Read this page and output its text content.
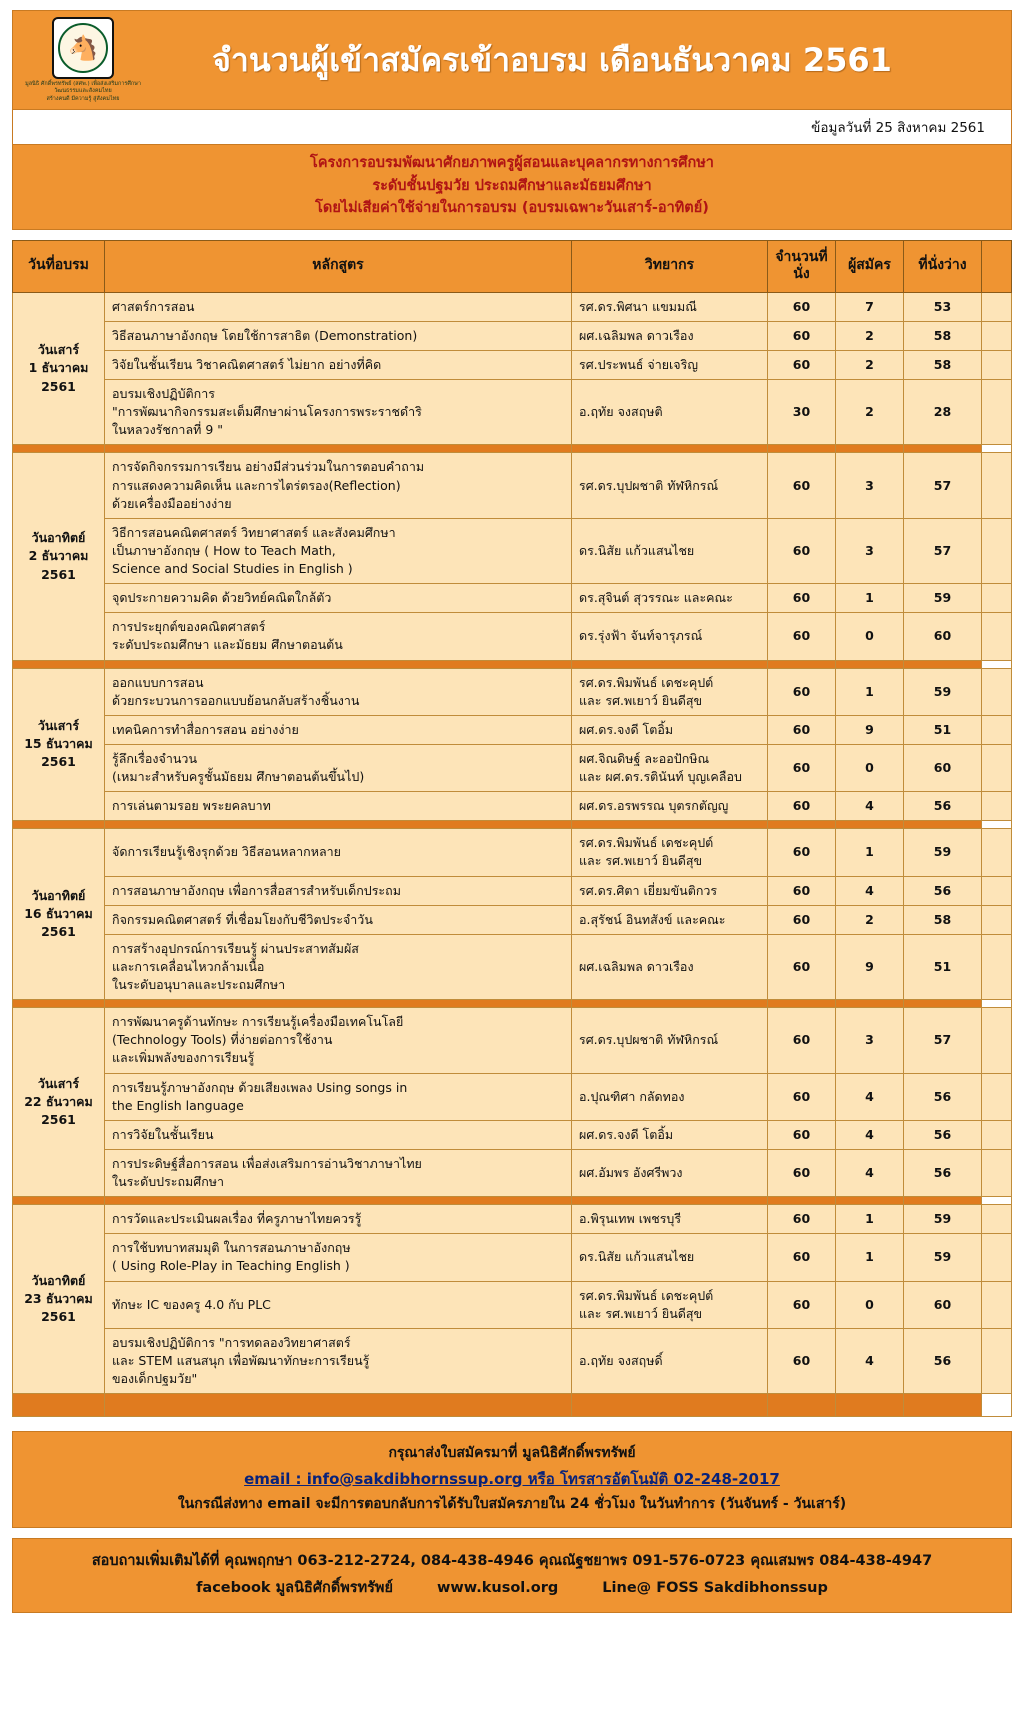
🐴
มูลนิธิ ศักดิ์พรทรัพย์ (สศพ.) เพื่อส่งเสริมการศึกษา
วัฒนธรรมและสังคมไทย
สร้างคนดี มีความรู้ สู่สังคมไทย
จำนวนผู้เข้าสมัครเข้าอบรม เดือนธันวาคม 2561
ข้อมูลวันที่ 25 สิงหาคม 2561
โครงการอบรมพัฒนาศักยภาพครูผู้สอนและบุคลากรทางการศึกษา
ระดับชั้นปฐมวัย ประถมศึกษาและมัธยมศึกษา
โดยไม่เสียค่าใช้จ่ายในการอบรม (อบรมเฉพาะวันเสาร์-อาทิตย์)
วันที่อบรม	หลักสูตร	วิทยากร	จำนวนที่นั่ง	ผู้สมัคร	ที่นั่งว่าง	
วันเสาร์
1 ธันวาคม
2561	ศาสตร์การสอน	รศ.ดร.พิศนา แขมมณี	60	7	53	
	วิธีสอนภาษาอังกฤษ โดยใช้การสาธิต (Demonstration)	ผศ.เฉลิมพล ดาวเรือง	60	2	58	
	วิจัยในชั้นเรียน วิชาคณิตศาสตร์ ไม่ยาก อย่างที่คิด	รศ.ประพนธ์ จ่ายเจริญ	60	2	58	
	อบรมเชิงปฏิบัติการ
"การพัฒนากิจกรรมสะเต็มศึกษาผ่านโครงการพระราชดำริ
ในหลวงรัชกาลที่ 9 "	อ.ฤทัย จงสฤษติ	30	2	28	

วันอาทิตย์
2 ธันวาคม
2561	การจัดกิจกรรมการเรียน อย่างมีส่วนร่วมในการตอบคำถาม
การแสดงความคิดเห็น และการไตร่ตรอง(Reflection)
ด้วยเครื่องมืออย่างง่าย	รศ.ดร.บุปผชาติ ทัฬหิกรณ์	60	3	57	
	วิธีการสอนคณิตศาสตร์ วิทยาศาสตร์ และสังคมศึกษา
เป็นภาษาอังกฤษ ( How to Teach Math,
Science and Social Studies in English )	ดร.นิสัย แก้วแสนไชย	60	3	57	
	จุดประกายความคิด ด้วยวิทย์คณิตใกล้ตัว	ดร.สุจินต์ สุวรรณะ และคณะ	60	1	59	
	การประยุกต์ของคณิตศาสตร์
ระดับประถมศึกษา และมัธยม ศึกษาตอนต้น	ดร.รุ่งฟ้า จันท์จารุภรณ์	60	0	60	

วันเสาร์
15 ธันวาคม
2561	ออกแบบการสอน
ด้วยกระบวนการออกแบบย้อนกลับสร้างชิ้นงาน	รศ.ดร.พิมพันธ์ เดชะคุปต์
และ รศ.พเยาว์ ยินดีสุข	60	1	59	
	เทคนิคการทำสื่อการสอน อย่างง่าย	ผศ.ดร.จงดี โตอิ้ม	60	9	51	
	รู้ลึกเรื่องจำนวน
(เหมาะสำหรับครูชั้นมัธยม ศึกษาตอนต้นขึ้นไป)	ผศ.จิณดิษฐ์ ละออปักษิณ
และ ผศ.ดร.รตินันท์ บุญเคลือบ	60	0	60	
	การเล่นตามรอย พระยคลบาท	ผศ.ดร.อรพรรณ บุตรกตัญญู	60	4	56	

วันอาทิตย์
16 ธันวาคม
2561	จัดการเรียนรู้เชิงรุกด้วย วิธีสอนหลากหลาย	รศ.ดร.พิมพันธ์ เดชะคุปต์
และ รศ.พเยาว์ ยินดีสุข	60	1	59	
	การสอนภาษาอังกฤษ เพื่อการสื่อสารสำหรับเด็กประถม	รศ.ดร.ศิตา เยี่ยมขันติกวร	60	4	56	
	กิจกรรมคณิตศาสตร์ ที่เชื่อมโยงกับชีวิตประจำวัน	อ.สุรัชน์ อินทสังข์ และคณะ	60	2	58	
	การสร้างอุปกรณ์การเรียนรู้ ผ่านประสาทสัมผัส
และการเคลื่อนไหวกล้ามเนื้อ
ในระดับอนุบาลและประถมศึกษา	ผศ.เฉลิมพล ดาวเรือง	60	9	51	

วันเสาร์
22 ธันวาคม
2561	การพัฒนาครูด้านทักษะ การเรียนรู้เครื่องมือเทคโนโลยี
(Technology Tools) ที่ง่ายต่อการใช้งาน
และเพิ่มพลังของการเรียนรู้	รศ.ดร.บุปผชาติ ทัฬหิกรณ์	60	3	57	
	การเรียนรู้ภาษาอังกฤษ ด้วยเสียงเพลง Using songs in
the English language	อ.ปุณฑิศา กลัดทอง	60	4	56	
	การวิจัยในชั้นเรียน	ผศ.ดร.จงดี โตอิ้ม	60	4	56	
	การประดิษฐ์สื่อการสอน เพื่อส่งเสริมการอ่านวิชาภาษาไทย
ในระดับประถมศึกษา	ผศ.อัมพร อังศรีพวง	60	4	56	

วันอาทิตย์
23 ธันวาคม
2561	การวัดและประเมินผลเรื่อง ที่ครูภาษาไทยควรรู้	อ.พิรุนเทพ เพชรบุรี	60	1	59	
	การใช้บทบาทสมมุติ ในการสอนภาษาอังกฤษ
( Using Role-Play in Teaching English )	ดร.นิสัย แก้วแสนไชย	60	1	59	
	ทักษะ IC ของครู 4.0 กับ PLC	รศ.ดร.พิมพันธ์ เดชะคุปต์
และ รศ.พเยาว์ ยินดีสุข	60	0	60	
	อบรมเชิงปฏิบัติการ "การทดลองวิทยาศาสตร์
และ STEM แสนสนุก เพื่อพัฒนาทักษะการเรียนรู้
ของเด็กปฐมวัย"	อ.ฤทัย จงสฤษดิ์	60	4	56	

กรุณาส่งใบสมัครมาที่ มูลนิธิศักดิ์พรทรัพย์
email : info@sakdibhornssup.org หรือ โทรสารอัตโนมัติ 02-248-2017
ในกรณีส่งทาง email จะมีการตอบกลับการได้รับใบสมัครภายใน 24 ชั่วโมง ในวันทำการ (วันจันทร์ - วันเสาร์)
สอบถามเพิ่มเติมได้ที่ คุณพฤกษา 063-212-2724, 084-438-4946 คุณณัฐชยาพร 091-576-0723 คุณเสมพร 084-438-4947
facebook มูลนิธิศักดิ์พรทรัพย์	www.kusol.org	Line@ FOSS Sakdibhonssup
